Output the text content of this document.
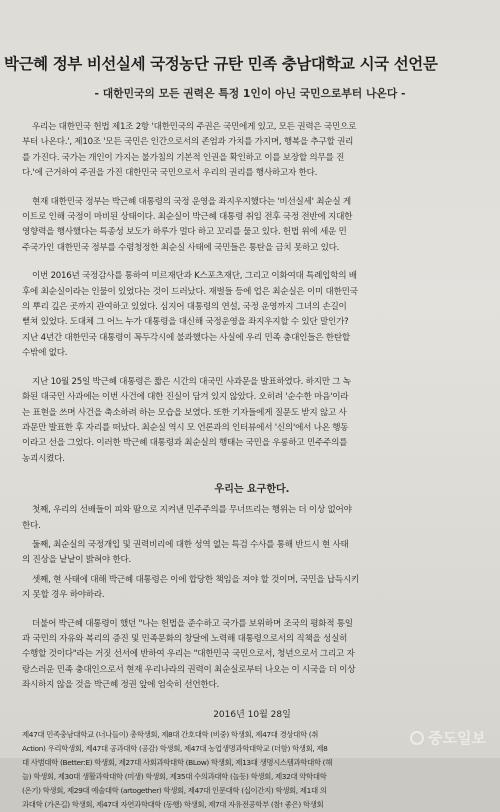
박근혜 정부 비선실세 국정농단 규탄 민족 충남대학교 시국 선언문
- 대한민국의 모든 권력은 특정 1인이 아닌 국민으로부터 나온다 -
우리는 대한민국 헌법 제1조 2항 '대한민국의 주권은 국민에게 있고, 모든 권력은 국민으로
부터 나온다.', 제10조 '모든 국민은 인간으로서의 존엄과 가치를 가지며, 행복을 추구할 권리
를 가진다. 국가는 개인이 가지는 불가침의 기본적 인권을 확인하고 이를 보장할 의무를 진
다.'에 근거하여 주권을 가진 대한민국 국민으로서 우리의 권리를 행사하고자 한다.
현재 대한민국 정부는 박근혜 대통령의 국정 운영을 좌지우지했다는 '비선실세' 최순실 게
이트로 인해 국정이 마비된 상태이다. 최순실이 박근혜 대통령 취임 전후 국정 전반에 지대한
영향력을 행사했다는 특종성 보도가 하루가 멀다 하고 꼬리를 물고 있다. 헌법 위에 세운 민
주국가인 대한민국 정부를 수렴청정한 최순실 사태에 국민들은 통탄을 금치 못하고 있다.
이번 2016년 국정감사를 통하여 미르재단과 K스포츠재단, 그리고 이화여대 특례입학의 배
후에 최순실이라는 인물이 있었다는 것이 드러났다. 재벌들 등에 업은 최순실은 이미 대한민국
의 뿌리 깊은 곳까지 관여하고 있었다. 심지어 대통령의 연설, 국정 운영까지 그녀의 손길이
뻗쳐 있었다. 도대체 그 어느 누가 대통령을 대신해 국정운영을 좌지우지할 수 있단 말인가?
지난 4년간 대한민국 대통령이 꼭두각시에 불과했다는 사실에 우리 민족 충대인들은 한탄할
수밖에 없다.
지난 10월 25일 박근혜 대통령은 짧은 시간의 대국민 사과문을 발표하였다. 하지만 그 녹
화된 대국민 사과에는 이번 사건에 대한 진실이 담겨 있지 않았다. 오히려 '순수한 마음'이라
는 표현을 쓰며 사건을 축소하려 하는 모습을 보였다. 또한 기자들에게 질문도 받지 않고 사
과문만 발표한 후 자리를 떠났다. 최순실 역시 모 언론과의 인터뷰에서 '신의'에서 나온 행동
이라고 선을 그었다. 이러한 박근혜 대통령과 최순실의 행태는 국민을 우롱하고 민주주의를
농괴시켰다.
우리는 요구한다.
첫째, 우리의 선배들이 피와 땀으로 지켜낸 민주주의를 무너뜨리는 행위는 더 이상 없어야
한다.
둘째, 최순실의 국정개입 및 권력비리에 대한 성역 없는 특검 수사를 통해 반드시 현 사태
의 진상을 낱낱이 밝혀야 한다.
셋째, 현 사태에 대해 박근혜 대통령은 이에 합당한 책임을 져야 할 것이며, 국민을 납득시키
지 못할 경우 하야하라.
더불어 박근혜 대통령이 했던 "나는 헌법을 준수하고 국가를 보위하며 조국의 평화적 통일
과 국민의 자유와 복리의 증진 및 민족문화의 창달에 노력해 대통령으로서의 직책을 성실히
수행할 것이다"라는 거짓 선서에 반하여 우리는 "대한민국 국민으로서, 청년으로서 그리고 자
랑스러운 민족 충대인으로서 현재 우리나라의 권력이 최순실로부터 나오는 이 시국을 더 이상
좌시하지 않을 것을 박근혜 정권 앞에 엄숙히 선언한다.
2016년 10월 28일
제47대 민족충남대학교 (너나들이) 총학생회, 제8대 간호대학 (비중) 학생회, 제47대 경상대학 (취
Action) 우리학생회, 제47대 공과대학 (공감) 학생회, 제47대 농업생명과학대학교 (더함) 학생회, 제8
대 사범대학 (Better:E) 학생회, 제27대 사회과학대학 (BLow) 학생회, 제13대 생명시스템과학대학 (해
늘) 학생회, 제30대 생활과학대학 (미생) 학생회, 제35대 수의과대학 (놀동) 학생회, 제32대 약학대학
(온기) 학생회, 제29대 예술대학 (artogether) 학생회, 제47대 인문대학 (십이간지) 학생회, 제1대 의
과대학 (가온길) 학생회, 제47대 자연과학대학 (동행) 학생회, 제7대 자유전공학부 (참! 좋은) 학생회
중도일보
